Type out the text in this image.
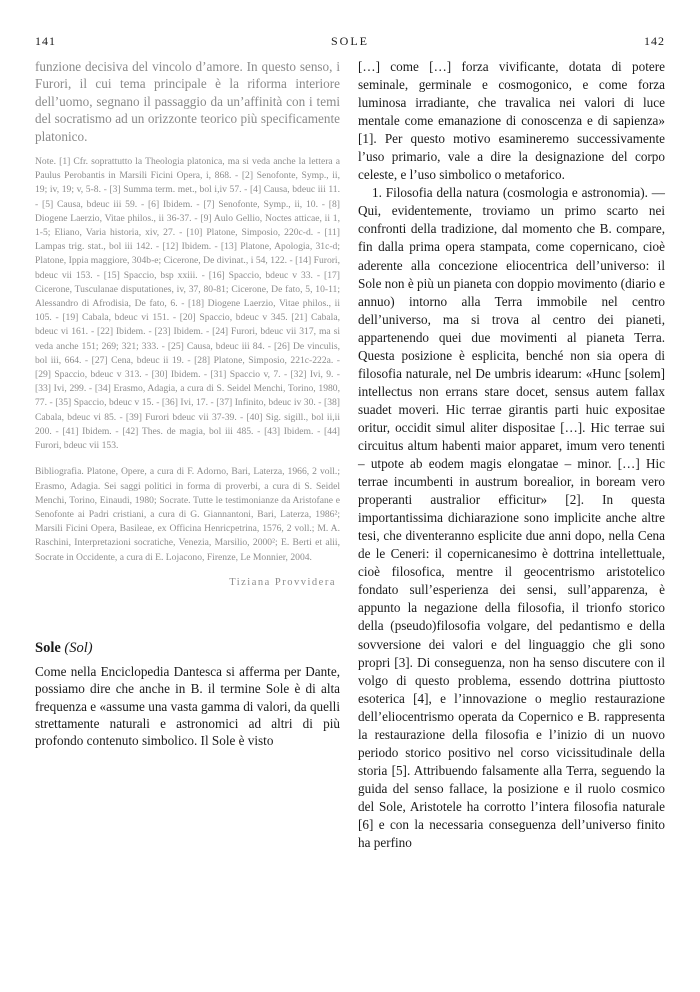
141	SOLE	142

funzione decisiva del vincolo d’amore. In questo senso, i Furori, il cui tema principale è la riforma interiore dell’uomo, segnano il passaggio da un’affinità con i temi del socratismo ad un orizzonte teorico più specificamente platonico.

Note. [1] Cfr. soprattutto la Theologia platonica, ma si veda anche la lettera a Paulus Perobantis in Marsili Ficini Opera, i, 868. - [2] Senofonte, Symp., ii, 19; iv, 19; v, 5-8. - [3] Summa term. met., bol i,iv 57. - [4] Causa, bdeuc iii 11. - [5] Causa, bdeuc iii 59. - [6] Ibidem. - [7] Senofonte, Symp., ii, 10. - [8] Diogene Laerzio, Vitae philos., ii 36-37. - [9] Aulo Gellio, Noctes atticae, ii 1, 1-5; Eliano, Varia historia, xiv, 27. - [10] Platone, Simposio, 220c-d. - [11] Lampas trig. stat., bol iii 142. - [12] Ibidem. - [13] Platone, Apologia, 31c-d; Platone, Ippia maggiore, 304b-e; Cicerone, De divinat., i 54, 122. - [14] Furori, bdeuc vii 153. - [15] Spaccio, bsp xxiii. - [16] Spaccio, bdeuc v 33. - [17] Cicerone, Tusculanae disputationes, iv, 37, 80-81; Cicerone, De fato, 5, 10-11; Alessandro di Afrodisia, De fato, 6. - [18] Diogene Laerzio, Vitae philos., ii 105. - [19] Cabala, bdeuc vi 151. - [20] Spaccio, bdeuc v 345. [21] Cabala, bdeuc vi 161. - [22] Ibidem. - [23] Ibidem. - [24] Furori, bdeuc vii 317, ma si veda anche 151; 269; 321; 333. - [25] Causa, bdeuc iii 84. - [26] De vinculis, bol iii, 664. - [27] Cena, bdeuc ii 19. - [28] Platone, Simposio, 221c-222a. - [29] Spaccio, bdeuc v 313. - [30] Ibidem. - [31] Spaccio v, 7. - [32] Ivi, 9. - [33] Ivi, 299. - [34] Erasmo, Adagia, a cura di S. Seidel Menchi, Torino, 1980, 77. - [35] Spaccio, bdeuc v 15. - [36] Ivi, 17. - [37] Infinito, bdeuc iv 30. - [38] Cabala, bdeuc vi 85. - [39] Furori bdeuc vii 37-39. - [40] Sig. sigill., bol ii,ii 200. - [41] Ibidem. - [42] Thes. de magia, bol iii 485. - [43] Ibidem. - [44] Furori, bdeuc vii 153.

Bibliografia. Platone, Opere, a cura di F. Adorno, Bari, Laterza, 1966, 2 voll.; Erasmo, Adagia. Sei saggi politici in forma di proverbi, a cura di S. Seidel Menchi, Torino, Einaudi, 1980; Socrate. Tutte le testimonianze da Aristofane e Senofonte ai Padri cristiani, a cura di G. Giannantoni, Bari, Laterza, 1986²; Marsili Ficini Opera, Basileae, ex Officina Henricpetrina, 1576, 2 voll.; M. A. Raschini, Interpretazioni socratiche, Venezia, Marsilio, 2000²; E. Berti et alii, Socrate in Occidente, a cura di E. Lojacono, Firenze, Le Monnier, 2004.

Tiziana Provvidera
Sole (Sol)

Come nella Enciclopedia Dantesca si afferma per Dante, possiamo dire che anche in B. il termine Sole è di alta frequenza e «assume una vasta gamma di valori, da quelli strettamente naturali e astronomici ad altri di più profondo contenuto simbolico. Il Sole è visto

[…] come […] forza vivificante, dotata di potere seminale, germinale e cosmogonico, e come forza luminosa irradiante, che travalica nei valori di luce mentale come emanazione di conoscenza e di sapienza» [1]. Per questo motivo esamineremo successivamente l’uso primario, vale a dire la designazione del corpo celeste, e l’uso simbolico o metaforico.

1. Filosofia della natura (cosmologia e astronomia). — Qui, evidentemente, troviamo un primo scarto nei confronti della tradizione, dal momento che B. compare, fin dalla prima opera stampata, come copernicano, cioè aderente alla concezione eliocentrica dell’universo: il Sole non è più un pianeta con doppio movimento (diario e annuo) intorno alla Terra immobile nel centro dell’universo, ma si trova al centro dei pianeti, appartenendo quei due movimenti al pianeta Terra. Questa posizione è esplicita, benché non sia opera di filosofia naturale, nel De umbris idearum: «Hunc [solem] intellectus non errans stare docet, sensus autem fallax suadet moveri. Hic terrae girantis parti huic expositae oritur, occidit simul aliter dispositae […]. Hic terrae sui circuitus altum habenti maior apparet, imum vero tenenti – utpote ab eodem magis elongatae – minor. […] Hic terrae incumbenti in austrum borealior, in boream vero properanti australior efficitur» [2]. In questa importantissima dichiarazione sono implicite anche altre tesi, che diventeranno esplicite due anni dopo, nella Cena de le Ceneri: il copernicanesimo è dottrina intellettuale, cioè filosofica, mentre il geocentrismo aristotelico fondato sull’esperienza dei sensi, sull’apparenza, è appunto la negazione della filosofia, il trionfo storico della (pseudo)filosofia volgare, del pedantismo e della sovversione dei valori e del linguaggio che gli sono propri [3]. Di conseguenza, non ha senso discutere con il volgo di questo problema, essendo dottrina piuttosto esoterica [4], e l’innovazione o meglio restaurazione dell’eliocentrismo operata da Copernico e B. rappresenta la restaurazione della filosofia e l’inizio di un nuovo periodo storico positivo nel corso vicissitudinale della storia [5]. Attribuendo falsamente alla Terra, seguendo la guida del senso fallace, la posizione e il ruolo cosmico del Sole, Aristotele ha corrotto l’intera filosofia naturale [6] e con la necessaria conseguenza dell’universo finito ha perfino
